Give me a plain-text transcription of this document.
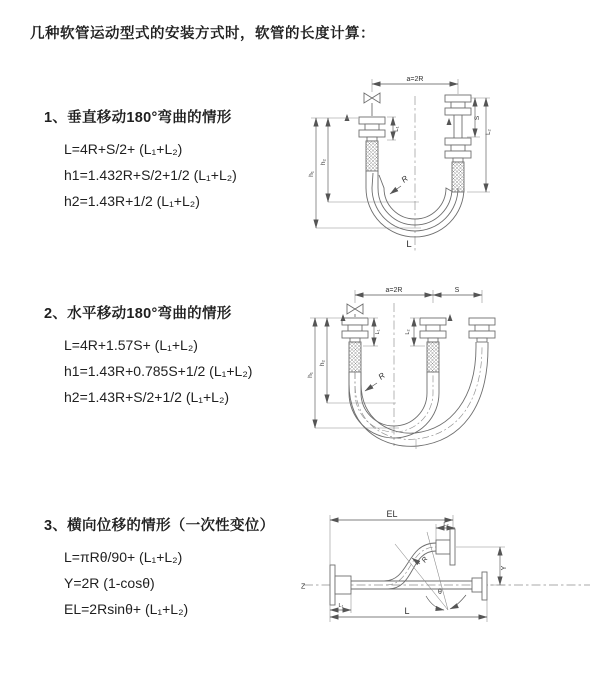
几种软管运动型式的安装方式时，软管的长度计算：
1、垂直移动180°弯曲的情形
L=4R+S/2+ (L₁+L₂)
h1=1.432R+S/2+1/2 (L₁+L₂)
h2=1.43R+1/2 (L₁+L₂)
a=2R
L₁
S
L₂
h₁
h₂
R
L
2、水平移动180°弯曲的情形
L=4R+1.57S+ (L₁+L₂)
h1=1.43R+0.785S+1/2 (L₁+L₂)
h2=1.43R+S/2+1/2 (L₁+L₂)
a=2R	S
L₁	L₂
h₁
h₂
R
3、横向位移的情形（一次性变位）
L=πRθ/90+ (L₁+L₂)
Y=2R (1-cosθ)
EL=2Rsinθ+ (L₁+L₂)
Z
EL
L₂
Y
L
L₁
R
θ
